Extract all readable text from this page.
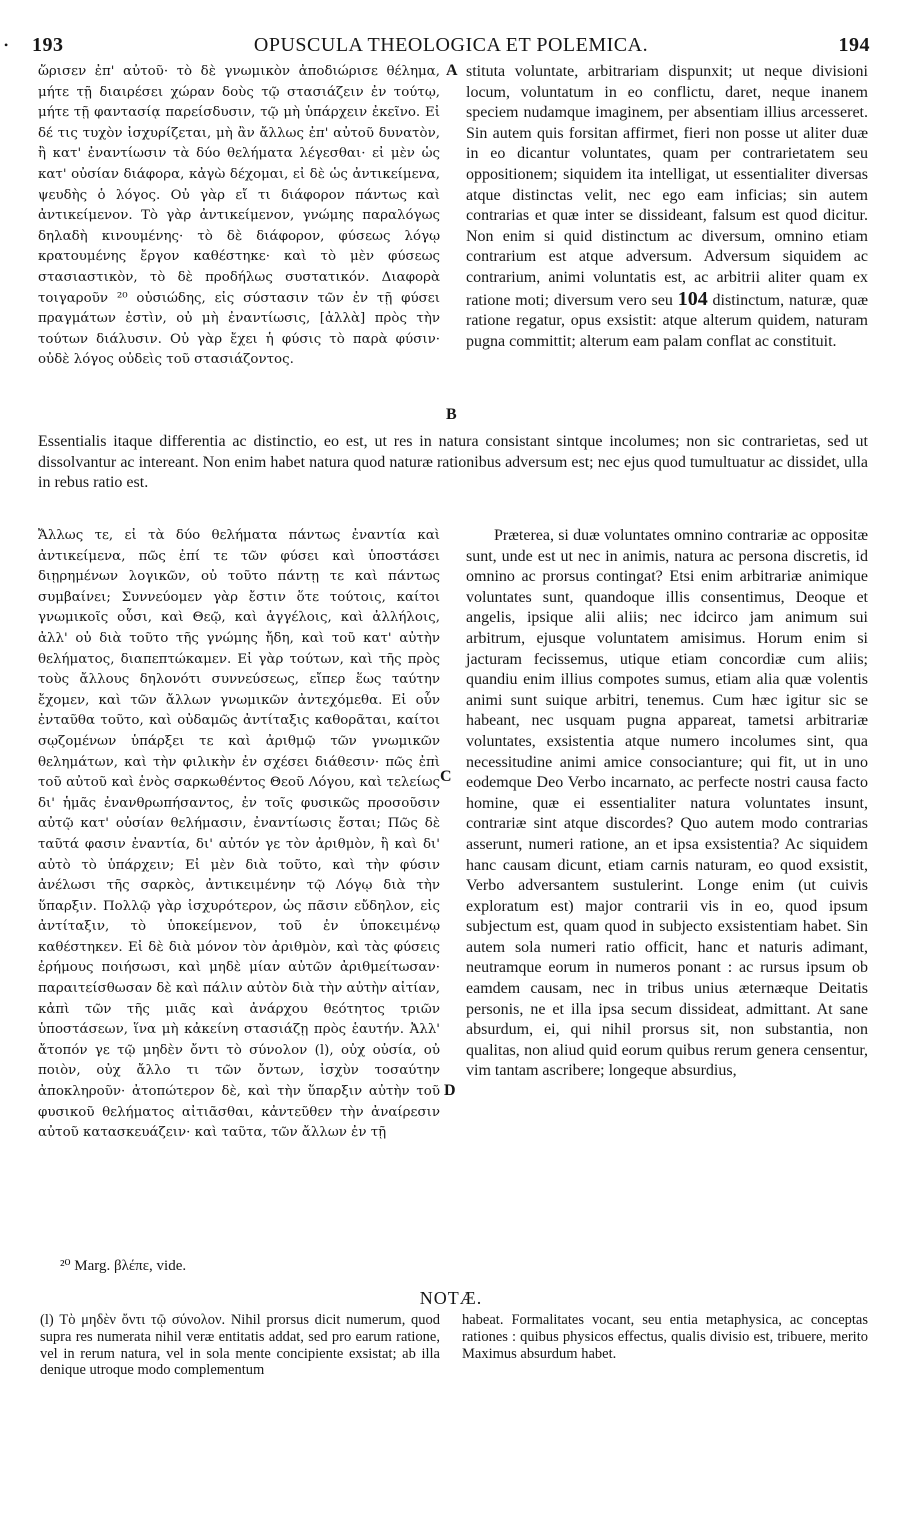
• 193	OPUSCULA THEOLOGICA ET POLEMICA.	194

ὥρισεν ἐπ' αὐτοῦ· τὸ δὲ γνωμικὸν ἀποδιώρισε θέλημα, μήτε τῇ διαιρέσει χώραν δοὺς τῷ στασιάζειν ἐν τούτῳ, μήτε τῇ φαντασίᾳ παρείσδυσιν, τῷ μὴ ὑπάρχειν ἐκεῖνο. Εἰ δέ τις τυχὸν ἰσχυρίζεται, μὴ ἂν ἄλλως ἐπ' αὐτοῦ δυνατὸν, ἢ κατ' ἐναντίωσιν τὰ δύο θελήματα λέγεσθαι· εἰ μὲν ὡς κατ' οὐσίαν διάφορα, κἀγὼ δέχομαι, εἰ δὲ ὡς ἀντικείμενα, ψευδὴς ὁ λόγος. Οὐ γὰρ εἴ τι διάφορον πάντως καὶ ἀντικείμενον. Τὸ γὰρ ἀντικείμενον, γνώμης παραλόγως δηλαδὴ κινουμένης· τὸ δὲ διάφορον, φύσεως λόγῳ κρατουμένης ἔργον καθέστηκε· καὶ τὸ μὲν φύσεως στασιαστικὸν, τὸ δὲ προδήλως συστατικόν. Διαφορὰ τοιγαροῦν ²⁰ οὐσιώδης, εἰς σύστασιν τῶν ἐν τῇ φύσει πραγμάτων ἐστὶν, οὐ μὴ ἐναντίωσις, [ἀλλὰ] πρὸς τὴν τούτων διάλυσιν. Οὐ γὰρ ἔχει ἡ φύσις τὸ παρὰ φύσιν· οὐδὲ λόγος οὐδεὶς τοῦ στασιάζοντος.

stituta voluntate, arbitrariam dispunxit; ut neque divisioni locum, voluntatum in eo conflictu, daret, neque inanem speciem nudamque imaginem, per absentiam illius arcesseret. Sin autem quis forsitan affirmet, fieri non posse ut aliter duæ in eo dicantur voluntates, quam per contrarietatem seu oppositionem; siquidem ita intelligat, ut essentialiter diversas atque distinctas velit, nec ego eam inficias; sin autem contrarias et quæ inter se dissideant, falsum est quod dicitur. Non enim si quid distinctum ac diversum, omnino etiam contrarium est atque adversum. Adversum siquidem ac contrarium, animi voluntatis est, ac arbitrii aliter quam ex ratione moti; diversum vero seu 104 distinctum, naturæ, quæ ratione regatur, opus exsistit: atque alterum quidem, naturam pugna committit; alterum eam palam conflat ac constituit.

A
B

Essentialis itaque differentia ac distinctio, eo est, ut res in natura consistant sintque incolumes; non sic contrarietas, sed ut dissolvantur ac intereant. Non enim habet natura quod naturæ rationibus adversum est; nec ejus quod tumultuatur ac dissidet, ulla in rebus ratio est.

Ἄλλως τε, εἰ τὰ δύο θελήματα πάντως ἐναντία καὶ ἀντικείμενα, πῶς ἐπί τε τῶν φύσει καὶ ὑποστάσει διῃρημένων λογικῶν, οὐ τοῦτο πάντῃ τε καὶ πάντως συμβαίνει; Συννεύομεν γὰρ ἔστιν ὅτε τούτοις, καίτοι γνωμικοῖς οὖσι, καὶ Θεῷ, καὶ ἀγγέλοις, καὶ ἀλλήλοις, ἀλλ' οὐ διὰ τοῦτο τῆς γνώμης ἤδη, καὶ τοῦ κατ' αὐτὴν θελήματος, διαπεπτώκαμεν. Εἰ γὰρ τούτων, καὶ τῆς πρὸς τοὺς ἄλλους δηλονότι συννεύσεως, εἴπερ ἕως ταύτην ἔχομεν, καὶ τῶν ἄλλων γνωμικῶν ἀντεχόμεθα. Εἰ οὖν ἐνταῦθα τοῦτο, καὶ οὐδαμῶς ἀντίταξις καθορᾶται, καίτοι σῳζομένων ὑπάρξει τε καὶ ἀριθμῷ τῶν γνωμικῶν θελημάτων, καὶ τὴν φιλικὴν ἐν σχέσει διάθεσιν· πῶς ἐπὶ τοῦ αὐτοῦ καὶ ἑνὸς σαρκωθέντος Θεοῦ Λόγου, καὶ τελείως δι' ἡμᾶς ἐνανθρωπήσαντος, ἐν τοῖς φυσικῶς προσοῦσιν αὐτῷ κατ' οὐσίαν θελήμασιν, ἐναντίωσις ἔσται; Πῶς δὲ ταῦτά φασιν ἐναντία, δι' αὐτόν γε τὸν ἀριθμὸν, ἢ καὶ δι' αὐτὸ τὸ ὑπάρχειν; Εἰ μὲν διὰ τοῦτο, καὶ τὴν φύσιν ἀνέλωσι τῆς σαρκὸς, ἀντικειμένην τῷ Λόγῳ διὰ τὴν ὕπαρξιν. Πολλῷ γὰρ ἰσχυρότερον, ὡς πᾶσιν εὔδηλον, εἰς ἀντίταξιν, τὸ ὑποκείμενον, τοῦ ἐν ὑποκειμένῳ καθέστηκεν. Εἰ δὲ διὰ μόνον τὸν ἀριθμὸν, καὶ τὰς φύσεις ἐρήμους ποιήσωσι, καὶ μηδὲ μίαν αὐτῶν ἀριθμείτωσαν· παραιτείσθωσαν δὲ καὶ πάλιν αὐτὸν διὰ τὴν αὐτὴν αἰτίαν, κἀπὶ τῶν τῆς μιᾶς καὶ ἀνάρχου θεότητος τριῶν ὑποστάσεων, ἵνα μὴ κἀκείνη στασιάζῃ πρὸς ἑαυτήν. Ἀλλ' ἄτοπόν γε τῷ μηδὲν ὄντι τὸ σύνολον (l), οὐχ οὐσία, οὐ ποιὸν, οὐχ ἄλλο τι τῶν ὄντων, ἰσχὺν τοσαύτην ἀποκληροῦν· ἀτοπώτερον δὲ, καὶ τὴν ὕπαρξιν αὐτὴν τοῦ φυσικοῦ θελήματος αἰτιᾶσθαι, κἀντεῦθεν τὴν ἀναίρεσιν αὐτοῦ κατασκευάζειν· καὶ ταῦτα, τῶν ἄλλων ἐν τῇ

Præterea, si duæ voluntates omnino contrariæ ac oppositæ sunt, unde est ut nec in animis, natura ac persona discretis, id omnino ac prorsus contingat? Etsi enim arbitrariæ animique voluntates sunt, quandoque illis consentimus, Deoque et angelis, ipsique alii aliis; nec idcirco jam animum sui arbitrum, ejusque voluntatem amisimus. Horum enim si jacturam fecissemus, utique etiam concordiæ cum aliis; quandiu enim illius compotes sumus, etiam alia quæ volentis animi sunt suique arbitri, tenemus. Cum hæc igitur sic se habeant, nec usquam pugna appareat, tametsi arbitrariæ voluntates, exsistentia atque numero incolumes sint, qua necessitudine animi amice consocianture; qui fit, ut in uno eodemque Deo Verbo incarnato, ac perfecte nostri causa facto homine, quæ ei essentialiter natura voluntates insunt, contrariæ sint atque discordes? Quo autem modo contrarias asserunt, numeri ratione, an et ipsa exsistentia? Ac siquidem hanc causam dicunt, etiam carnis naturam, eo quod exsistit, Verbo adversantem sustulerint. Longe enim (ut cuivis exploratum est) major contrarii vis in eo, quod ipsum subjectum est, quam quod in subjecto exsistentiam habet. Sin autem sola numeri ratio officit, hanc et naturis adimant, neutramque eorum in numeros ponant : ac rursus ipsum ob eamdem causam, nec in tribus unius æternæque Deitatis personis, ne et illa ipsa secum dissideat, admittant. At sane absurdum, ei, qui nihil prorsus sit, non substantia, non qualitas, non aliud quid eorum quibus rerum genera censentur, vim tantam ascribere; longeque absurdius,

C
D
²⁰ Marg. βλέπε, vide.
NOTÆ.

(l) Τὸ μηδὲν ὄντι τῷ σύνολον. Nihil prorsus dicit numerum, quod supra res numerata nihil veræ entitatis addat, sed pro earum ratione, vel in rerum natura, vel in sola mente concipiente exsistat; ab illa denique utroque modo complementum

habeat. Formalitates vocant, seu entia metaphysica, ac conceptas rationes : quibus physicos effectus, qualis divisio est, tribuere, merito Maximus absurdum habet.
